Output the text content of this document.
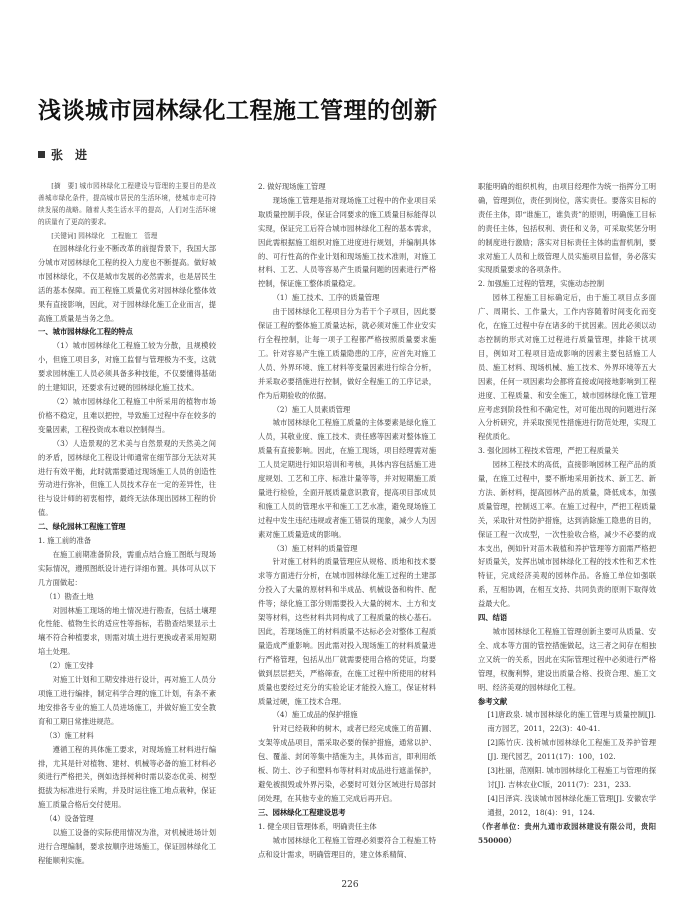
浅谈城市园林绿化工程施工管理的创新
张　进

[摘　要] 城市园林绿化工程建设与管理的主要目的是改善城市绿化条件，提高城市居民的生活环境，使城市走可持续发展的战略。随着人类生活水平的提高，人们对生活环境的质量有了更高的要求。

[关键词] 园林绿化　工程施工　管理

在园林绿化行业不断改革的前提背景下，我国大部分城市对园林绿化工程的投入力度也不断提高。做好城市园林绿化，不仅是城市发展的必然需求，也是居民生活的基本保障。而工程施工质量优劣对园林绿化整体效果有直接影响，因此，对于园林绿化施工企业而言，提高施工质量是当务之急。

一、城市园林绿化工程的特点

（1）城市园林绿化工程施工较为分散，且规模较小，但施工项目多，对施工监督与管理极为不变，这就要求园林施工人员必须具备多种技能，不仅要懂得基础的土建知识，还要求有过硬的园林绿化施工技术。

（2）城市园林绿化工程施工中所采用的植物市场价格不稳定，且难以把控，导致施工过程中存在较多的变量因素，工程投资成本难以控制得当。

（3）人造景观的艺术美与自然景观的天然美之间的矛盾，园林绿化工程设计师通常在细节部分无法对其进行有效平衡，此时就需要通过现场施工人员的创造性劳动进行弥补，但施工人员技术存在一定的差异性，往往与设计师的初衷相悖，最终无法体现出园林工程的价值。

二、绿化园林工程施工管理

1. 施工前的准备

在施工前期准备阶段，需重点结合施工图纸与现场实际情况，遵照图纸设计进行详细布置。具体可从以下几方面做起：

（1）勘查土地

对园林施工现场的地土情况进行勘查，包括土壤理化性能、植物生长的适应性等指标，若勘查结果显示土壤不符合种植要求，则需对填土进行更换或者采用短期培土处理。

（2）施工安排

对施工计划和工期安排进行设计，再对施工人员分项施工进行编排，制定科学合理的施工计划，有条不紊地安排各专业的施工人员进场施工，并做好施工安全教育和工期日常推进规范。

（3）施工材料

遵循工程的具体施工要求，对现场施工材料进行编排，尤其是针对植物、建材、机械等必备的施工材料必须进行严格把关，例如选择树种时需以姿态优美、树型挺拔为标准进行采购，并及时运往施工地点栽种，保证施工质量合格后交付使用。

（4）设备管理

以施工设备的实际使用情况为准，对机械进场计划进行合理编制，要求按顺序进场施工，保证园林绿化工程能顺利实施。

2. 做好现场施工管理

现场施工管理是指对现场施工过程中的作业项目采取质量控制手段，保证合同要求的施工质量目标能得以实现，保证完工后符合城市园林绿化工程的基本需求，因此需根据施工组织对施工进度进行规划，并编制具体的、可行性高的作业计划和现场施工技术准则，对施工材料、工艺、人员等容易产生质量问题的因素进行严格控制，保证施工整体质量稳定。

（1）施工技术、工序的质量管理

由于园林绿化工程项目分为若干个子项目，因此要保证工程的整体施工质量达标，就必须对施工作业安实行全程控制，让每一项子工程都严格按照质量要求施工。针对容易产生施工质量隐患的工序，应首先对施工人员、外界环境、施工材料等变量因素进行综合分析，并采取必要措施进行控制，做好全程施工的工序记录，作为后期验收的依据。

（2）施工人员素质管理

城市园林绿化工程施工质量的主体要素是绿化施工人员，其敬业度、施工技术、责任感等因素对整体施工质量有直接影响。因此，在施工现场，项目经理需对施工人员定期进行知识培训和考核，具体内容包括施工进度规划、工艺和工序、标准计量等等，并对短期施工质量进行检验，全面开展质量意识教育，提高项目部成员和施工人员的管理水平和施工工艺水准，避免现场施工过程中发生违纪违规或者施工错误的现象，减少人为因素对施工质量造成的影响。

（3）施工材料的质量管理

针对施工材料的质量管理应从规格、质地和技术要求等方面进行分析，在城市园林绿化施工过程的土建部分投入了大量的原材料和半成品、机械设备和构件、配件等；绿化施工部分则需要投入大量的树木、土方和支架等材料，这些材料共同构成了工程质量的核心基石。因此，若现场施工的材料质量不达标必会对整体工程质量造成严重影响。因此需对投入现场施工的材料质量进行严格管理，包括从出厂就需要使用合格的凭证，均要做到层层把关，严格筛查，在施工过程中所使用的材料质量也要经过充分的实验论证才能投入施工，保证材料质量过硬，施工技术合理。

（4）施工成品的保护措施

针对已经栽种的树木，或者已经完成施工的苗圃、支架等成品项目，需采取必要的保护措施，通常以护、包、覆盖、封闭等集中措施为主，具体而言，即利用纸板、防土、沙子和塑料布等材料对成品进行遮盖保护，避免被损毁或外界污染，必要时可划分区域进行局部封闭处理，在其他专业的施工完成后再开启。

三、园林绿化工程建设思考

1. 健全项目管理体系，明确责任主体

城市园林绿化工程施工管理必须要符合工程施工特点和设计需求，明确管理目的，建立体系精简、

职能明确的组织机构，由项目经理作为统一指挥分工明确，管理到位，责任到岗位，落实责任。要落实目标的责任主体，即“谁施工，谁负责”的原则，明确施工目标的责任主体，包括权利、责任和义务，可采取奖惩分明的制度进行激励；落实对目标责任主体的监督机制，要求对施工人员和上级管理人员实施项目监督，务必落实实现质量要求的各项条件。

2. 加强施工过程的管理，实施动态控制

园林工程施工目标确定后，由于施工项目点多面广、周期长、工作量大，工作内容随着时间变化而变化，在施工过程中存在诸多的干扰因素。因此必须以动态控制的形式对施工过程进行质量管理，排除干扰项目，例如对工程项目造成影响的因素主要包括施工人员、施工材料、现场机械、施工技术、外界环境等五大因素，任何一项因素均会都将直接或间接地影响到工程进度、工程质量、和安全施工，城市园林绿化施工管理应考虑到阶段性和不确定性，对可能出现的问题进行深入分析研究，并采取预见性措施进行防范处理，实现工程优质化。

3. 强化园林工程技术管理，严把工程质量关

园林工程技术的高低，直接影响园林工程产品的质量，在施工过程中，要不断地采用新技术、新工艺、新方法、新材料，提高园林产品的质量，降低成本，加强质量管理，控制返工率。在施工过程中，严把工程质量关，采取针对性防护措施，达到消除施工隐患的目的，保证工程一次成型，一次性验收合格，减少不必要的成本支出，例如针对苗木栽植和养护管理等方面需严格把好质量关，发挥出城市园林绿化工程的技术性和艺术性特征，完成经济美观的园林作品。各施工单位如强联系，互相协调，在相互支持、共同负责的原则下取得效益最大化。

四、结语

城市园林绿化工程施工管理创新主要可从质量、安全、成本等方面的管控措施做起，这三者之间存在相独立又统一的关系，因此在实际管理过程中必须进行严格管理，权衡利弊，建设出质量合格、投资合理、施工文明、经济美观的园林绿化工程。

参考文献

[1]唐政泉. 城市园林绿化的施工管理与质量控制[J]. 南方园艺，2011，22(3)：40-41.

[2]陈竹庆. 浅析城市园林绿化工程施工及养护管理[J]. 现代园艺，2011(17)：100，102.

[3]杜丽，范刚阳. 城市园林绿化工程施工与管理的探讨[J]. 吉林农业C版，2011(7)：231，233.

[4]吕泽宾. 浅谈城市园林绿化施工管理[J]. 安徽农学通报，2012，18(4)：91，124.

（作者单位：贵州九通市政园林建设有限公司，贵阳 550000）

226
